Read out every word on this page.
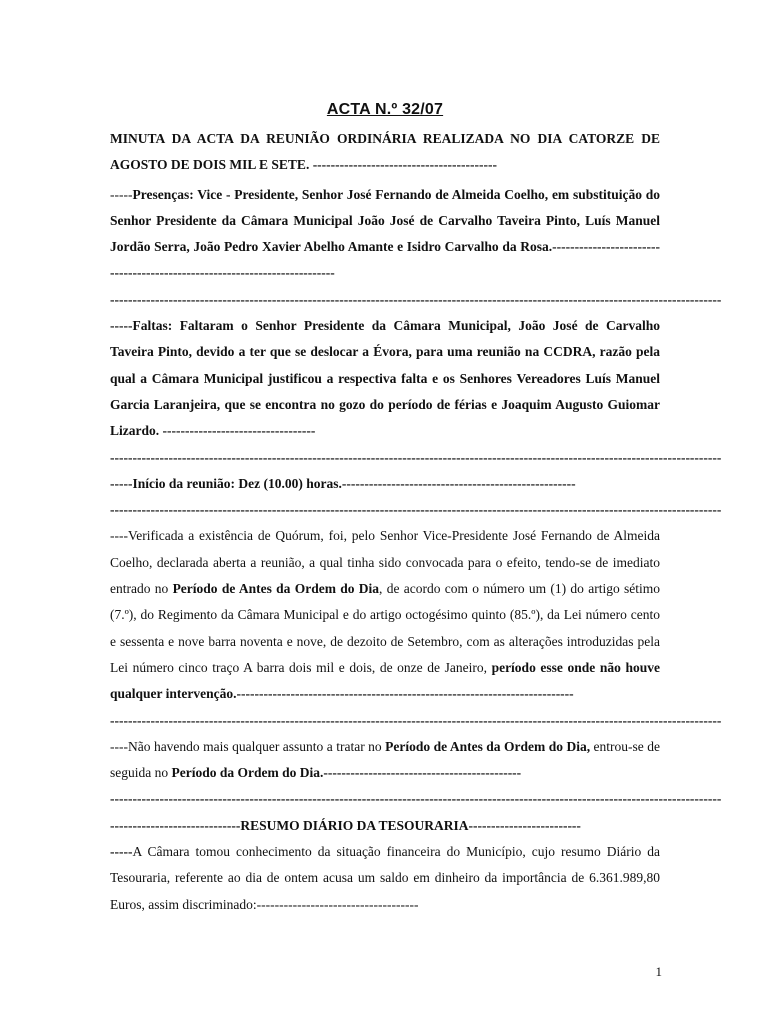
ACTA N.º 32/07

MINUTA DA ACTA DA REUNIÃO ORDINÁRIA REALIZADA NO DIA CATORZE DE AGOSTO DE DOIS MIL E SETE. -----------------------------------------

-----Presenças: Vice - Presidente, Senhor José Fernando de Almeida Coelho, em substituição do Senhor Presidente da Câmara Municipal João José de Carvalho Taveira Pinto, Luís Manuel Jordão Serra, João Pedro Xavier Abelho Amante e Isidro Carvalho da Rosa.--------------------------------------------------------------------------

----------------------------------------------------------------------------------------------------------------------------------------

-----Faltas: Faltaram o Senhor Presidente da Câmara Municipal, João José de Carvalho Taveira Pinto, devido a ter que se deslocar a Évora, para uma reunião na CCDRA, razão pela qual a Câmara Municipal justificou a respectiva falta e os Senhores Vereadores Luís Manuel Garcia Laranjeira, que se encontra no gozo do período de férias e Joaquim Augusto Guiomar Lizardo. ----------------------------------

----------------------------------------------------------------------------------------------------------------------------------------

-----Início da reunião: Dez (10.00) horas.----------------------------------------------------

----------------------------------------------------------------------------------------------------------------------------------------

----Verificada a existência de Quórum, foi, pelo Senhor Vice-Presidente José Fernando de Almeida Coelho, declarada aberta a reunião, a qual tinha sido convocada para o efeito, tendo-se de imediato entrado no Período de Antes da Ordem do Dia, de acordo com o número um (1) do artigo sétimo (7.º), do Regimento da Câmara Municipal e do artigo octogésimo quinto (85.º), da Lei número cento e sessenta e nove barra noventa e nove, de dezoito de Setembro, com as alterações introduzidas pela Lei número cinco traço A barra dois mil e dois, de onze de Janeiro, período esse onde não houve qualquer intervenção.---------------------------------------------------------------------------

----------------------------------------------------------------------------------------------------------------------------------------

----Não havendo mais qualquer assunto a tratar no Período de Antes da Ordem do Dia, entrou-se de seguida no Período da Ordem do Dia.--------------------------------------------

----------------------------------------------------------------------------------------------------------------------------------------

-----------------------------RESUMO DIÁRIO DA TESOURARIA-------------------------

-----A Câmara tomou conhecimento da situação financeira do Município, cujo resumo Diário da Tesouraria, referente ao dia de ontem acusa um saldo em dinheiro da importância de 6.361.989,80 Euros, assim discriminado:------------------------------------

1
